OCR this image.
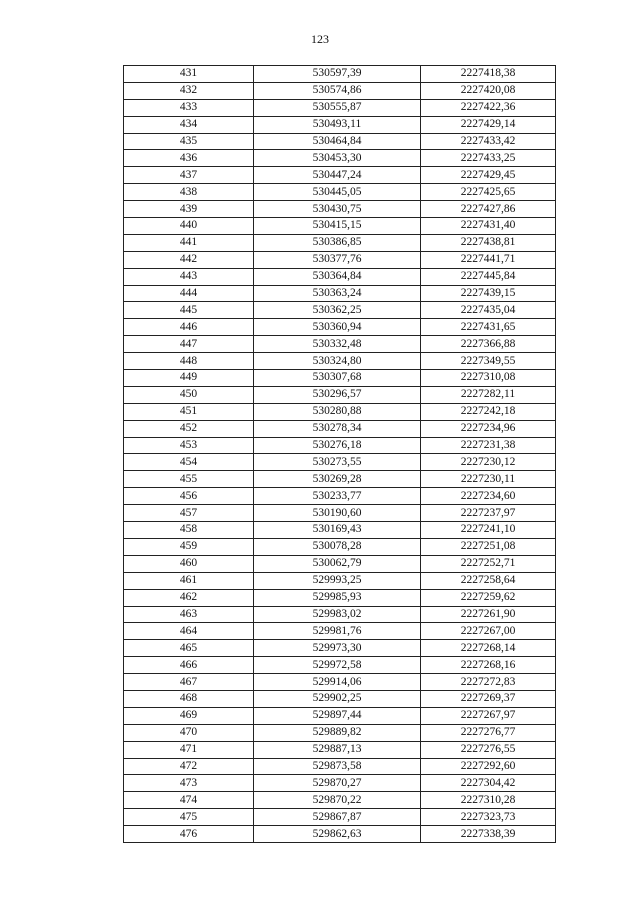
123
431	530597,39	2227418,38
432	530574,86	2227420,08
433	530555,87	2227422,36
434	530493,11	2227429,14
435	530464,84	2227433,42
436	530453,30	2227433,25
437	530447,24	2227429,45
438	530445,05	2227425,65
439	530430,75	2227427,86
440	530415,15	2227431,40
441	530386,85	2227438,81
442	530377,76	2227441,71
443	530364,84	2227445,84
444	530363,24	2227439,15
445	530362,25	2227435,04
446	530360,94	2227431,65
447	530332,48	2227366,88
448	530324,80	2227349,55
449	530307,68	2227310,08
450	530296,57	2227282,11
451	530280,88	2227242,18
452	530278,34	2227234,96
453	530276,18	2227231,38
454	530273,55	2227230,12
455	530269,28	2227230,11
456	530233,77	2227234,60
457	530190,60	2227237,97
458	530169,43	2227241,10
459	530078,28	2227251,08
460	530062,79	2227252,71
461	529993,25	2227258,64
462	529985,93	2227259,62
463	529983,02	2227261,90
464	529981,76	2227267,00
465	529973,30	2227268,14
466	529972,58	2227268,16
467	529914,06	2227272,83
468	529902,25	2227269,37
469	529897,44	2227267,97
470	529889,82	2227276,77
471	529887,13	2227276,55
472	529873,58	2227292,60
473	529870,27	2227304,42
474	529870,22	2227310,28
475	529867,87	2227323,73
476	529862,63	2227338,39
